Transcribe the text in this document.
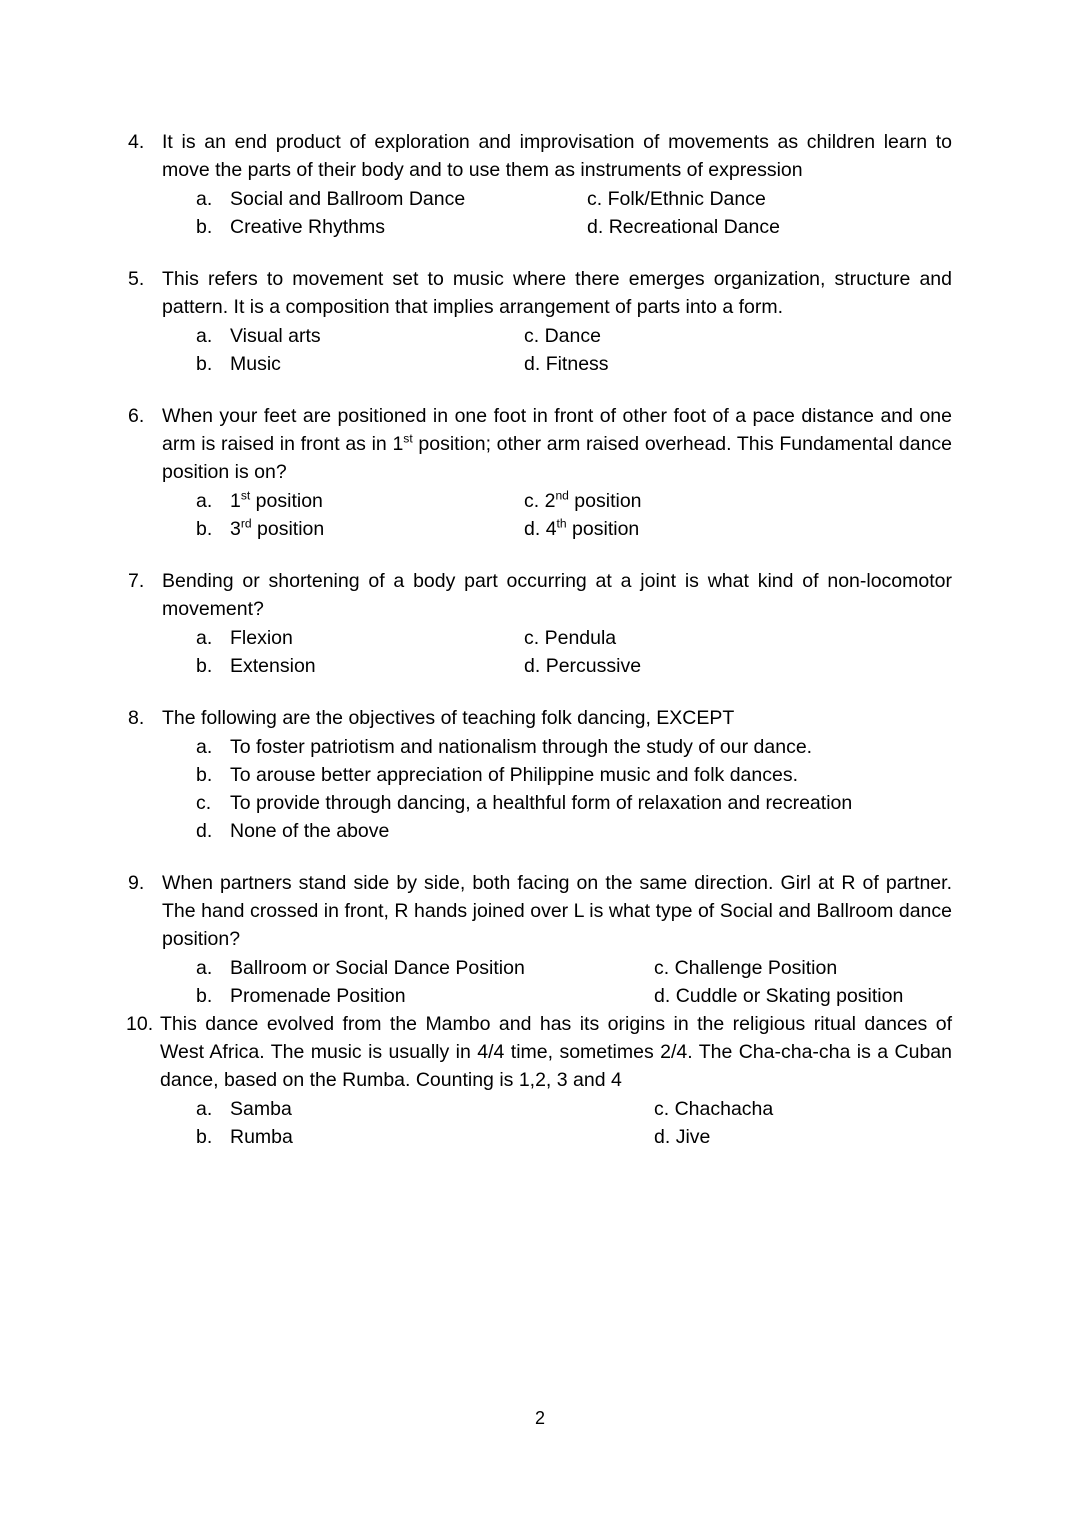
4. It is an end product of exploration and improvisation of movements as children learn to move the parts of their body and to use them as instruments of expression
a. Social and Ballroom Dance	c. Folk/Ethnic Dance
b. Creative Rhythms	d. Recreational Dance
5. This refers to movement set to music where there emerges organization, structure and pattern. It is a composition that implies arrangement of parts into a form.
a. Visual arts	c. Dance
b. Music	d. Fitness
6. When your feet are positioned in one foot in front of other foot of a pace distance and one arm is raised in front as in 1st position; other arm raised overhead. This Fundamental dance position is on?
a. 1st position	c. 2nd position
b. 3rd position	d. 4th position
7. Bending or shortening of a body part occurring at a joint is what kind of non-locomotor movement?
a. Flexion	c. Pendula
b. Extension	d. Percussive
8. The following are the objectives of teaching folk dancing, EXCEPT
a. To foster patriotism and nationalism through the study of our dance.
b. To arouse better appreciation of Philippine music and folk dances.
c. To provide through dancing, a healthful form of relaxation and recreation
d. None of the above
9. When partners stand side by side, both facing on the same direction. Girl at R of partner. The hand crossed in front, R hands joined over L is what type of Social and Ballroom dance position?
a. Ballroom or Social Dance Position	c. Challenge Position
b. Promenade Position	d. Cuddle or Skating position
10. This dance evolved from the Mambo and has its origins in the religious ritual dances of West Africa. The music is usually in 4/4 time, sometimes 2/4. The Cha-cha-cha is a Cuban dance, based on the Rumba. Counting is 1,2, 3 and 4
a. Samba	c. Chachacha
b. Rumba	d. Jive
2
